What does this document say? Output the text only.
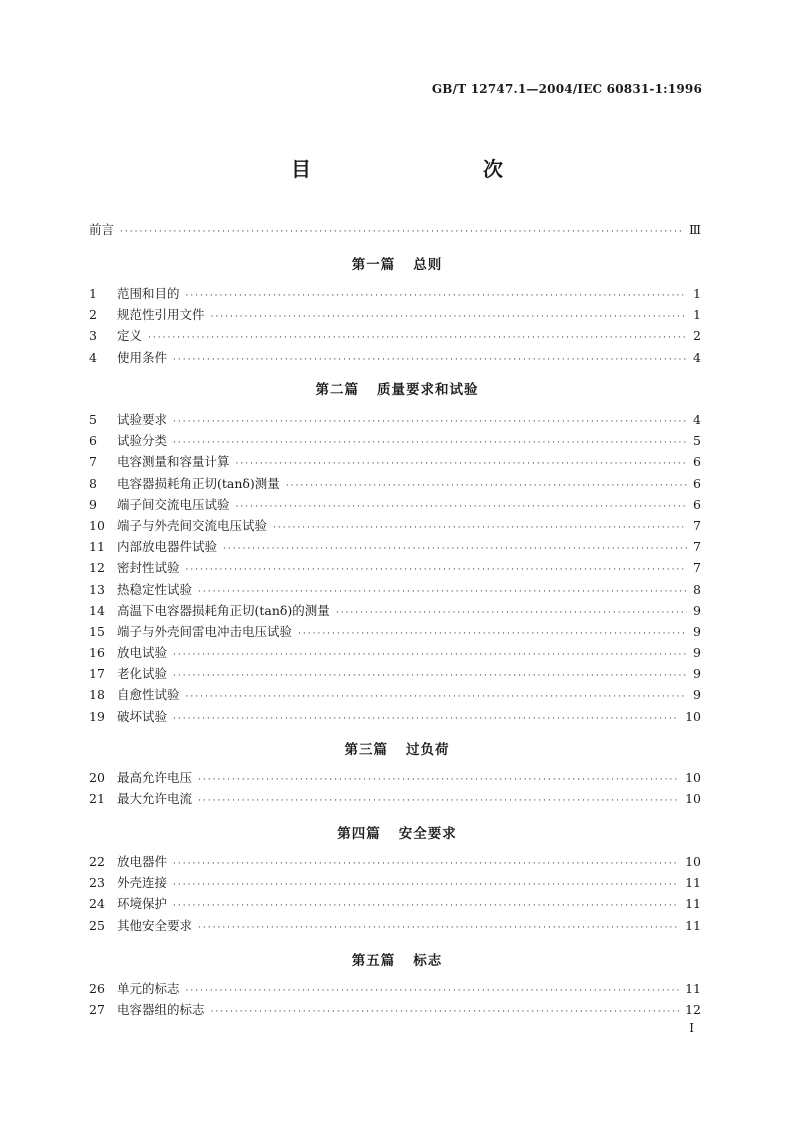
GB/T 12747.1—2004/IEC 60831-1:1996
目　　次
前言 ·····	Ⅲ
第一篇 总则
1	范围和目的 ·····	1
2	规范性引用文件 ·····	1
3	定义 ·····	2
4	使用条件 ·····	4
第二篇 质量要求和试验
5	试验要求 ·····	4
6	试验分类 ·····	5
7	电容测量和容量计算 ·····	6
8	电容器损耗角正切(tanδ)测量 ·····	6
9	端子间交流电压试验 ·····	6
10 端子与外壳间交流电压试验 ·····	7
11 内部放电器件试验 ·····	7
12 密封性试验 ·····	7
13 热稳定性试验 ·····	8
14 高温下电容器损耗角正切(tanδ)的测量 ·····	9
15 端子与外壳间雷电冲击电压试验 ·····	9
16 放电试验 ·····	9
17 老化试验 ·····	9
18 自愈性试验 ·····	9
19 破坏试验 ·····	10
第三篇 过负荷
20 最高允许电压 ·····	10
21 最大允许电流 ·····	10
第四篇 安全要求
22 放电器件 ·····	10
23 外壳连接 ·····	11
24 环境保护 ·····	11
25 其他安全要求 ·····	11
第五篇 标志
26 单元的标志 ·····	11
27 电容器组的标志 ·····	12
I
